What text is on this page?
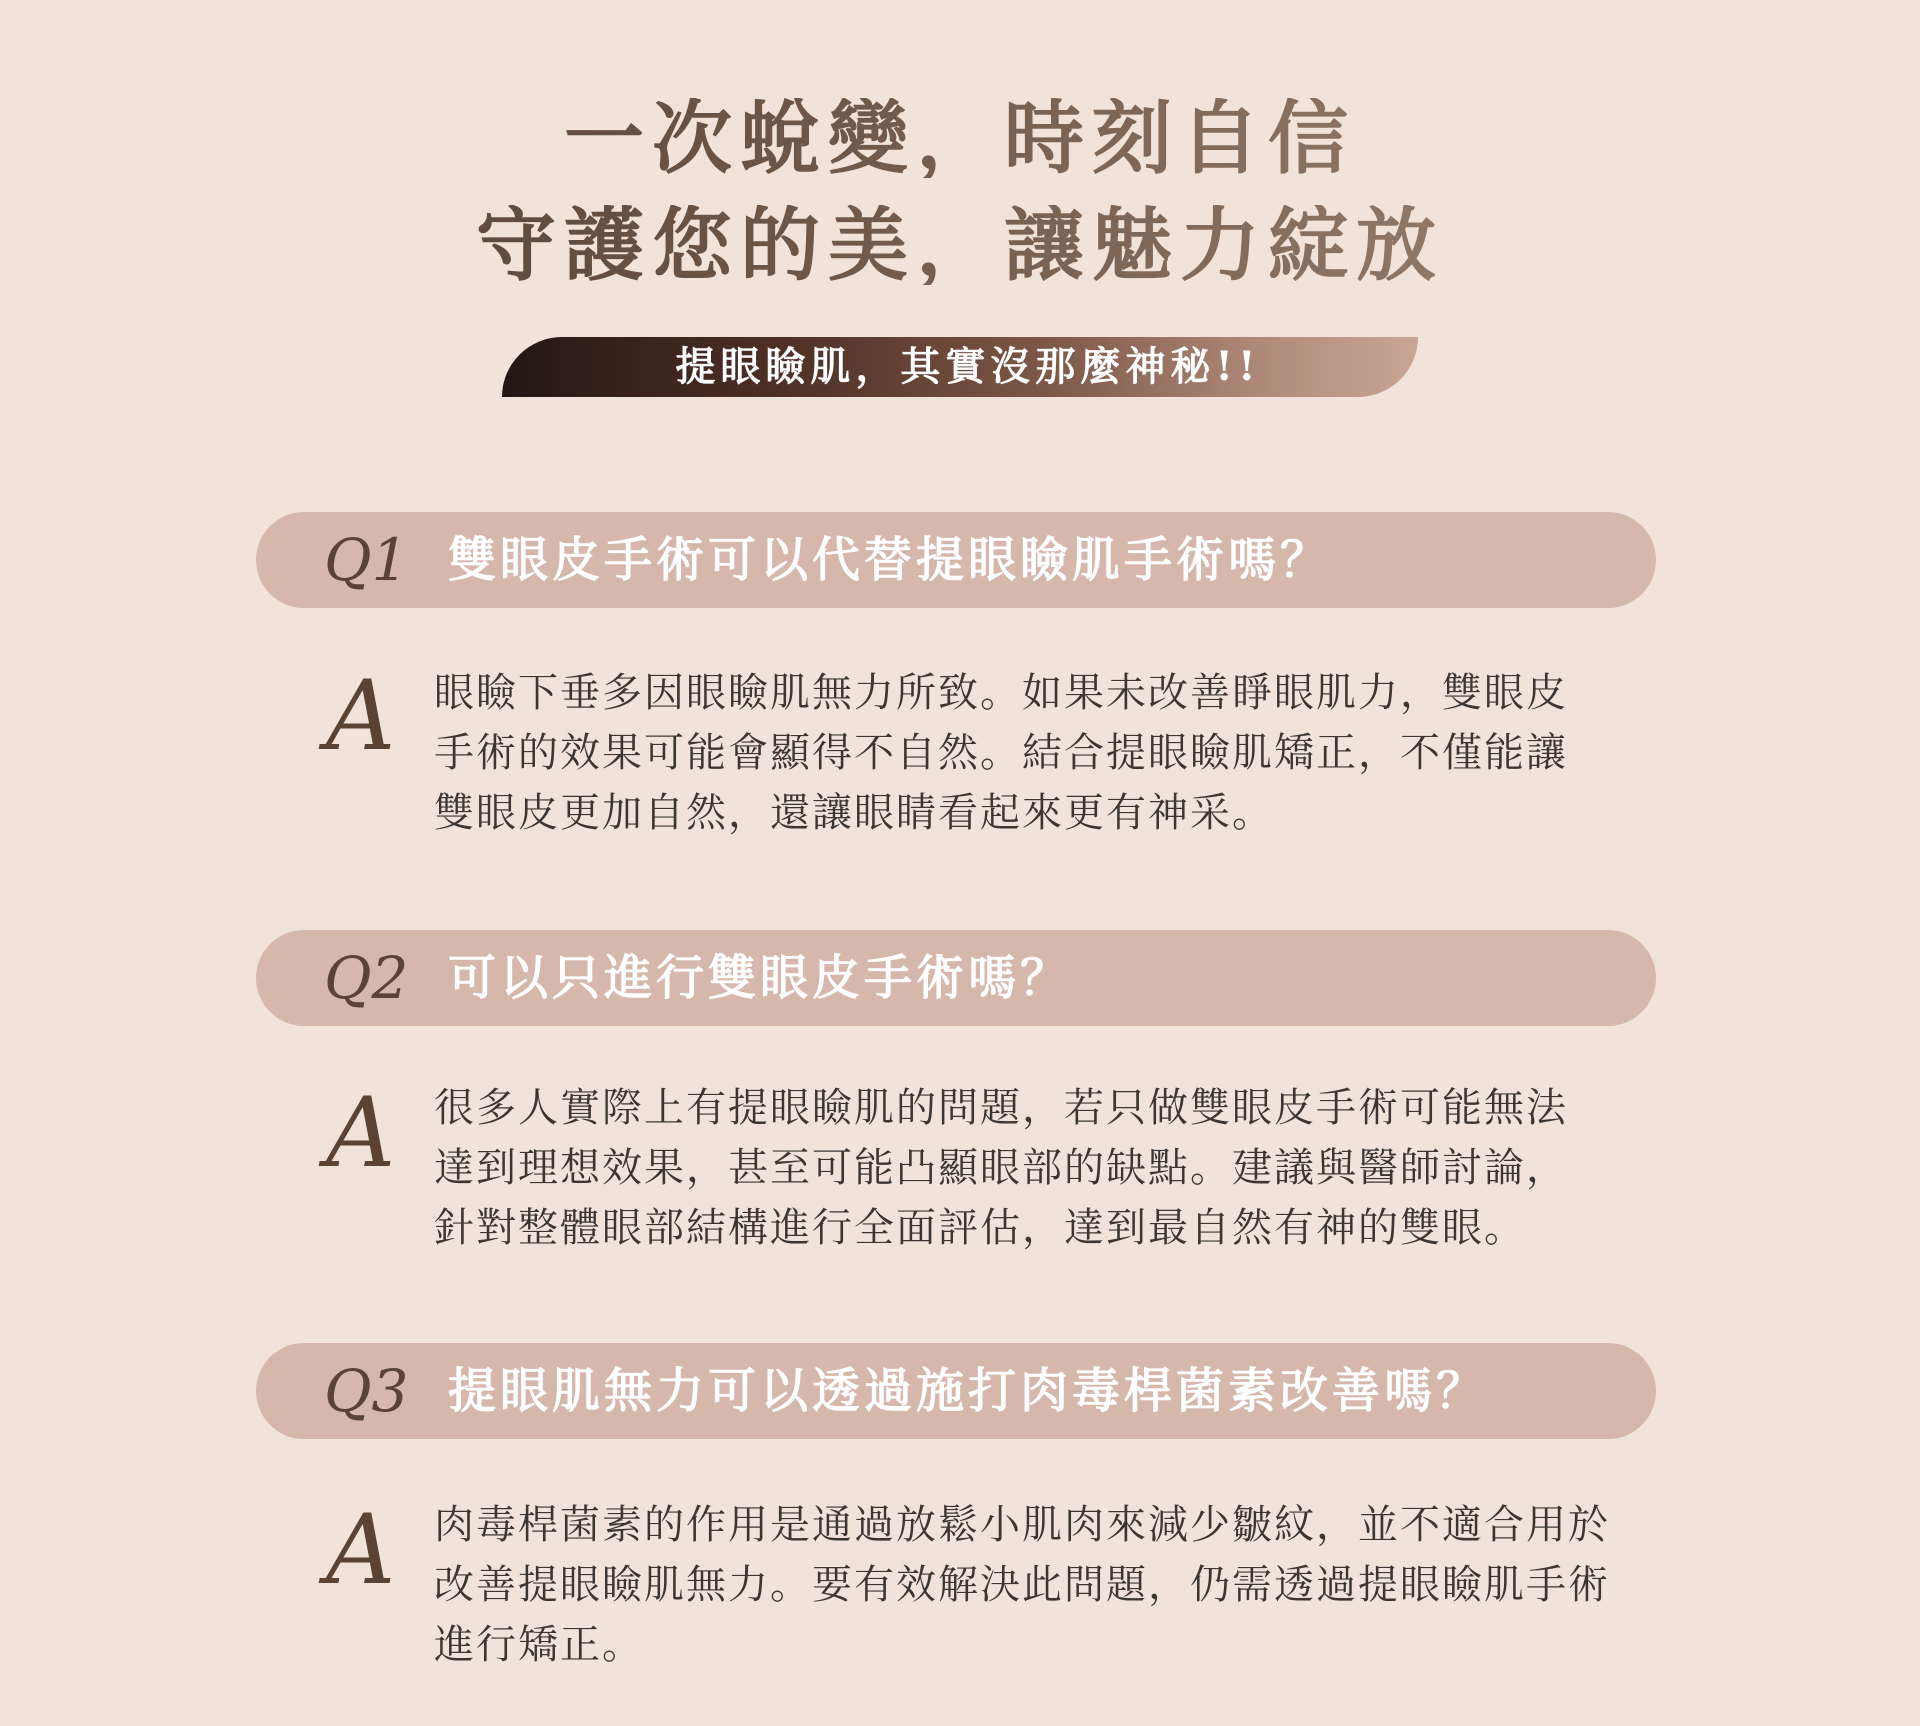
一次蛻變，時刻自信
守護您的美，讓魅力綻放
提眼瞼肌，其實沒那麼神秘!!
Q1 雙眼皮手術可以代替提眼瞼肌手術嗎？
A 眼瞼下垂多因眼瞼肌無力所致。如果未改善睜眼肌力，雙眼皮
手術的效果可能會顯得不自然。結合提眼瞼肌矯正，不僅能讓
雙眼皮更加自然，還讓眼睛看起來更有神采。

Q2 可以只進行雙眼皮手術嗎？
A 很多人實際上有提眼瞼肌的問題，若只做雙眼皮手術可能無法
達到理想效果，甚至可能凸顯眼部的缺點。建議與醫師討論，
針對整體眼部結構進行全面評估，達到最自然有神的雙眼。

Q3 提眼肌無力可以透過施打肉毒桿菌素改善嗎？
A 肉毒桿菌素的作用是通過放鬆小肌肉來減少皺紋，並不適合用於
改善提眼瞼肌無力。要有效解決此問題，仍需透過提眼瞼肌手術
進行矯正。
